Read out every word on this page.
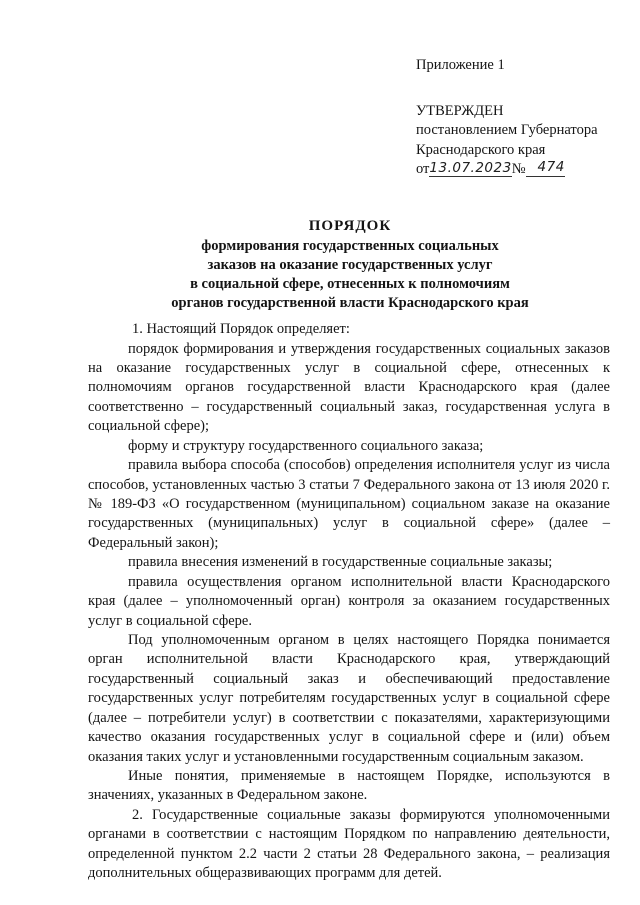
Приложение 1
УТВЕРЖДЕН
постановлением Губернатора
Краснодарского края
от13.07.2023№ 474
ПОРЯДОК
формирования государственных социальных
заказов на оказание государственных услуг
в социальной сфере, отнесенных к полномочиям
органов государственной власти Краснодарского края

1. Настоящий Порядок определяет:

порядок формирования и утверждения государственных социальных заказов на оказание государственных услуг в социальной сфере, отнесенных к полномочиям органов государственной власти Краснодарского края (далее соответственно – государственный социальный заказ, государственная услуга в социальной сфере);

форму и структуру государственного социального заказа;

правила выбора способа (способов) определения исполнителя услуг из числа способов, установленных частью 3 статьи 7 Федерального закона от 13 июля 2020 г. № 189-ФЗ «О государственном (муниципальном) социальном заказе на оказание государственных (муниципальных) услуг в социальной сфере» (далее – Федеральный закон);

правила внесения изменений в государственные социальные заказы;

правила осуществления органом исполнительной власти Краснодарского края (далее – уполномоченный орган) контроля за оказанием государственных услуг в социальной сфере.

Под уполномоченным органом в целях настоящего Порядка понимается орган исполнительной власти Краснодарского края, утверждающий государственный социальный заказ и обеспечивающий предоставление государственных услуг потребителям государственных услуг в социальной сфере (далее – потребители услуг) в соответствии с показателями, характеризующими качество оказания государственных услуг в социальной сфере и (или) объем оказания таких услуг и установленными государственным социальным заказом.

Иные понятия, применяемые в настоящем Порядке, используются в значениях, указанных в Федеральном законе.

2. Государственные социальные заказы формируются уполномоченными органами в соответствии с настоящим Порядком по направлению деятельности, определенной пунктом 2.2 части 2 статьи 28 Федерального закона, – реализация дополнительных общеразвивающих программ для детей.
